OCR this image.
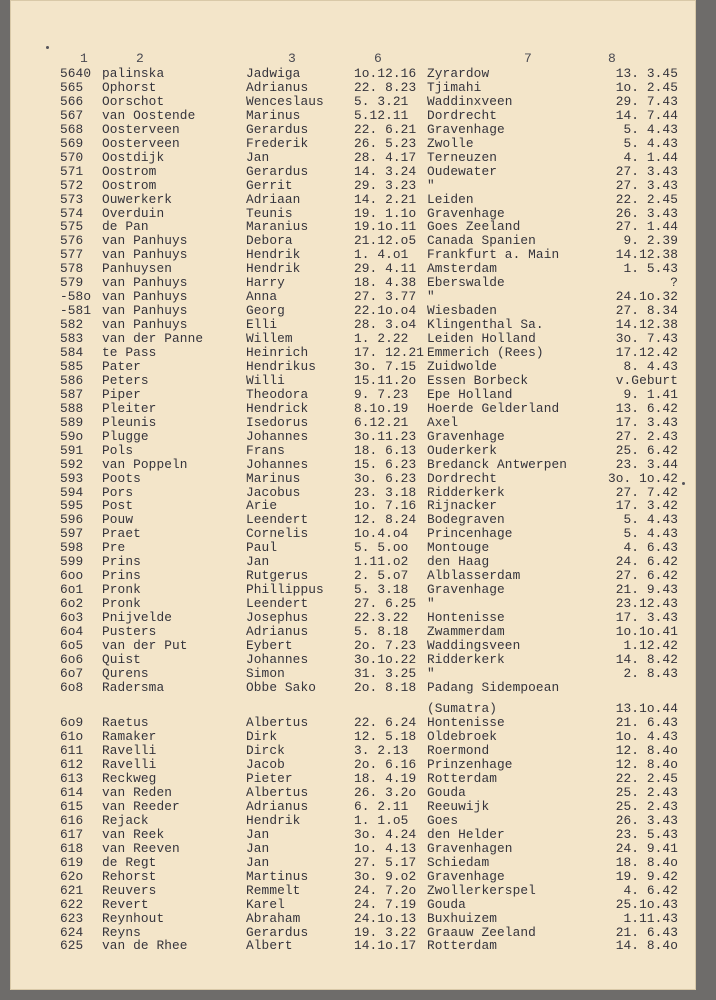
1	2	3	6	7	8
5640 palinska	Jadwiga	1o.12.16 Zyrardow	13. 3.45
565 Ophorst	Adrianus	22. 8.23 Tjimahi	1o. 2.45
566 Oorschot	Wenceslaus 5. 3.21 Waddinxveen	29. 7.43
567 van Oostende	Marinus	5.12.11 Dordrecht	14. 7.44
568 Oosterveen	Gerardus	22. 6.21 Gravenhage	5. 4.43
569 Oosterveen	Frederik	26. 5.23 Zwolle	5. 4.43
570 Oostdijk	Jan	28. 4.17 Terneuzen	4. 1.44
571 Oostrom	Gerardus	14. 3.24 Oudewater	27. 3.43
572 Oostrom	Gerrit	29. 3.23 "	27. 3.43
573 Ouwerkerk	Adriaan	14. 2.21 Leiden	22. 2.45
574 Overduin	Teunis	19. 1.1o Gravenhage	26. 3.43
575 de Pan	Maranius	19.1o.11 Goes Zeeland	27. 1.44
576 van Panhuys	Debora	21.12.o5 Canada Spanien	9. 2.39
577 van Panhuys	Hendrik	1. 4.o1 Frankfurt a. Main	14.12.38
578 Panhuysen	Hendrik	29. 4.11 Amsterdam	1. 5.43
579 van Panhuys	Harry	18. 4.38 Eberswalde	?
-58o van Panhuys	Anna	27. 3.77 "	24.1o.32
-581 van Panhuys	Georg	22.1o.o4 Wiesbaden	27. 8.34
582 van Panhuys	Elli	28. 3.o4 Klingenthal Sa.	14.12.38
583 van der Panne	Willem	1. 2.22 Leiden Holland	3o. 7.43
584 te Pass	Heinrich	17. 12.21 Emmerich (Rees)	17.12.42
585 Pater	Hendrikus	3o. 7.15 Zuidwolde	8. 4.43
586 Peters	Willi	15.11.2o Essen Borbeck	v.Geburt
587 Piper	Theodora	9. 7.23 Epe Holland	9. 1.41
588 Pleiter	Hendrick	8.1o.19 Hoerde Gelderland	13. 6.42
589 Pleunis	Isedorus	6.12.21 Axel	17. 3.43
59o Plugge	Johannes	3o.11.23 Gravenhage	27. 2.43
591 Pols	Frans	18. 6.13 Ouderkerk	25. 6.42
592 van Poppeln	Johannes	15. 6.23 Bredanck Antwerpen	23. 3.44
593 Poots	Marinus	3o. 6.23 Dordrecht	3o. 1o.42
594 Pors	Jacobus	23. 3.18 Ridderkerk	27. 7.42
595 Post	Arie	1o. 7.16 Rijnacker	17. 3.42
596 Pouw	Leendert	12. 8.24 Bodegraven	5. 4.43
597 Praet	Cornelis	1o.4.o4 Princenhage	5. 4.43
598 Pre	Paul	5. 5.oo Montouge	4. 6.43
599 Prins	Jan	1.11.o2 den Haag	24. 6.42
6oo Prins	Rutgerus	2. 5.o7 Alblasserdam	27. 6.42
6o1 Pronk	Phillippus 5. 3.18 Gravenhage	21. 9.43
6o2 Pronk	Leendert	27. 6.25 "	23.12.43
6o3 Pnijvelde	Josephus	22.3.22 Hontenisse	17. 3.43
6o4 Pusters	Adrianus	5. 8.18 Zwammerdam	1o.1o.41
6o5 van der Put	Eybert	2o. 7.23 Waddingsveen	1.12.42
6o6 Quist	Johannes	3o.1o.22 Ridderkerk	14. 8.42
6o7 Qurens	Simon	31. 3.25 "	2. 8.43
6o8 Radersma	Obbe Sako	2o. 8.18 Padang Sidempoean
(Sumatra)	13.1o.44
6o9 Raetus	Albertus	22. 6.24 Hontenisse	21. 6.43
61o Ramaker	Dirk	12. 5.18 Oldebroek	1o. 4.43
611 Ravelli	Dirck	3. 2.13 Roermond	12. 8.4o
612 Ravelli	Jacob	2o. 6.16 Prinzenhage	12. 8.4o
613 Reckweg	Pieter	18. 4.19 Rotterdam	22. 2.45
614 van Reden	Albertus	26. 3.2o Gouda	25. 2.43
615 van Reeder	Adrianus	6. 2.11 Reeuwijk	25. 2.43
616 Rejack	Hendrik	1. 1.o5 Goes	26. 3.43
617 van Reek	Jan	3o. 4.24 den Helder	23. 5.43
618 van Reeven	Jan	1o. 4.13 Gravenhagen	24. 9.41
619 de Regt	Jan	27. 5.17 Schiedam	18. 8.4o
62o Rehorst	Martinus	3o. 9.o2 Gravenhage	19. 9.42
621 Reuvers	Remmelt	24. 7.2o Zwollerkerspel	4. 6.42
622 Revert	Karel	24. 7.19 Gouda	25.1o.43
623 Reynhout	Abraham	24.1o.13 Buxhuizem	1.11.43
624 Reyns	Gerardus	19. 3.22 Graauw Zeeland	21. 6.43
625 van de Rhee	Albert	14.1o.17 Rotterdam	14. 8.4o
